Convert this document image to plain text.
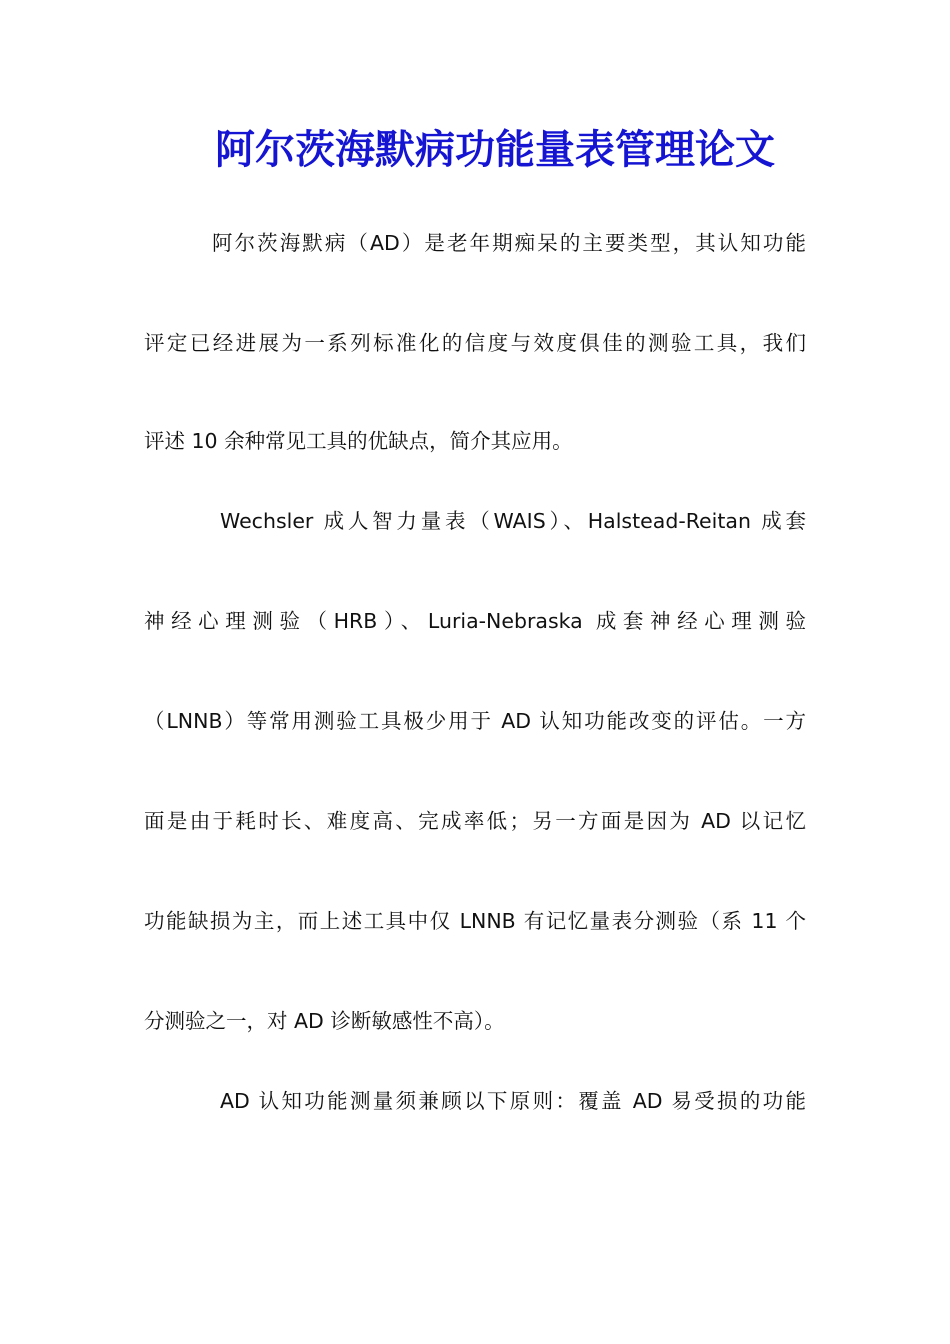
阿尔茨海默病功能量表管理论文
阿尔茨海默病（AD）是老年期痴呆的主要类型，其认知功能
评定已经进展为一系列标准化的信度与效度俱佳的测验工具，我们
评述 10 余种常见工具的优缺点，简介其应用。
Wechsler 成人智力量表（WAIS）、Halstead-Reitan 成套
神经心理测验（HRB）、Luria-Nebraska 成套神经心理测验
（LNNB）等常用测验工具极少用于 AD 认知功能改变的评估。一方
面是由于耗时长、难度高、完成率低；另一方面是因为 AD 以记忆
功能缺损为主，而上述工具中仅 LNNB 有记忆量表分测验（系 11 个
分测验之一，对 AD 诊断敏感性不高）。
AD 认知功能测量须兼顾以下原则：覆盖 AD 易受损的功能
